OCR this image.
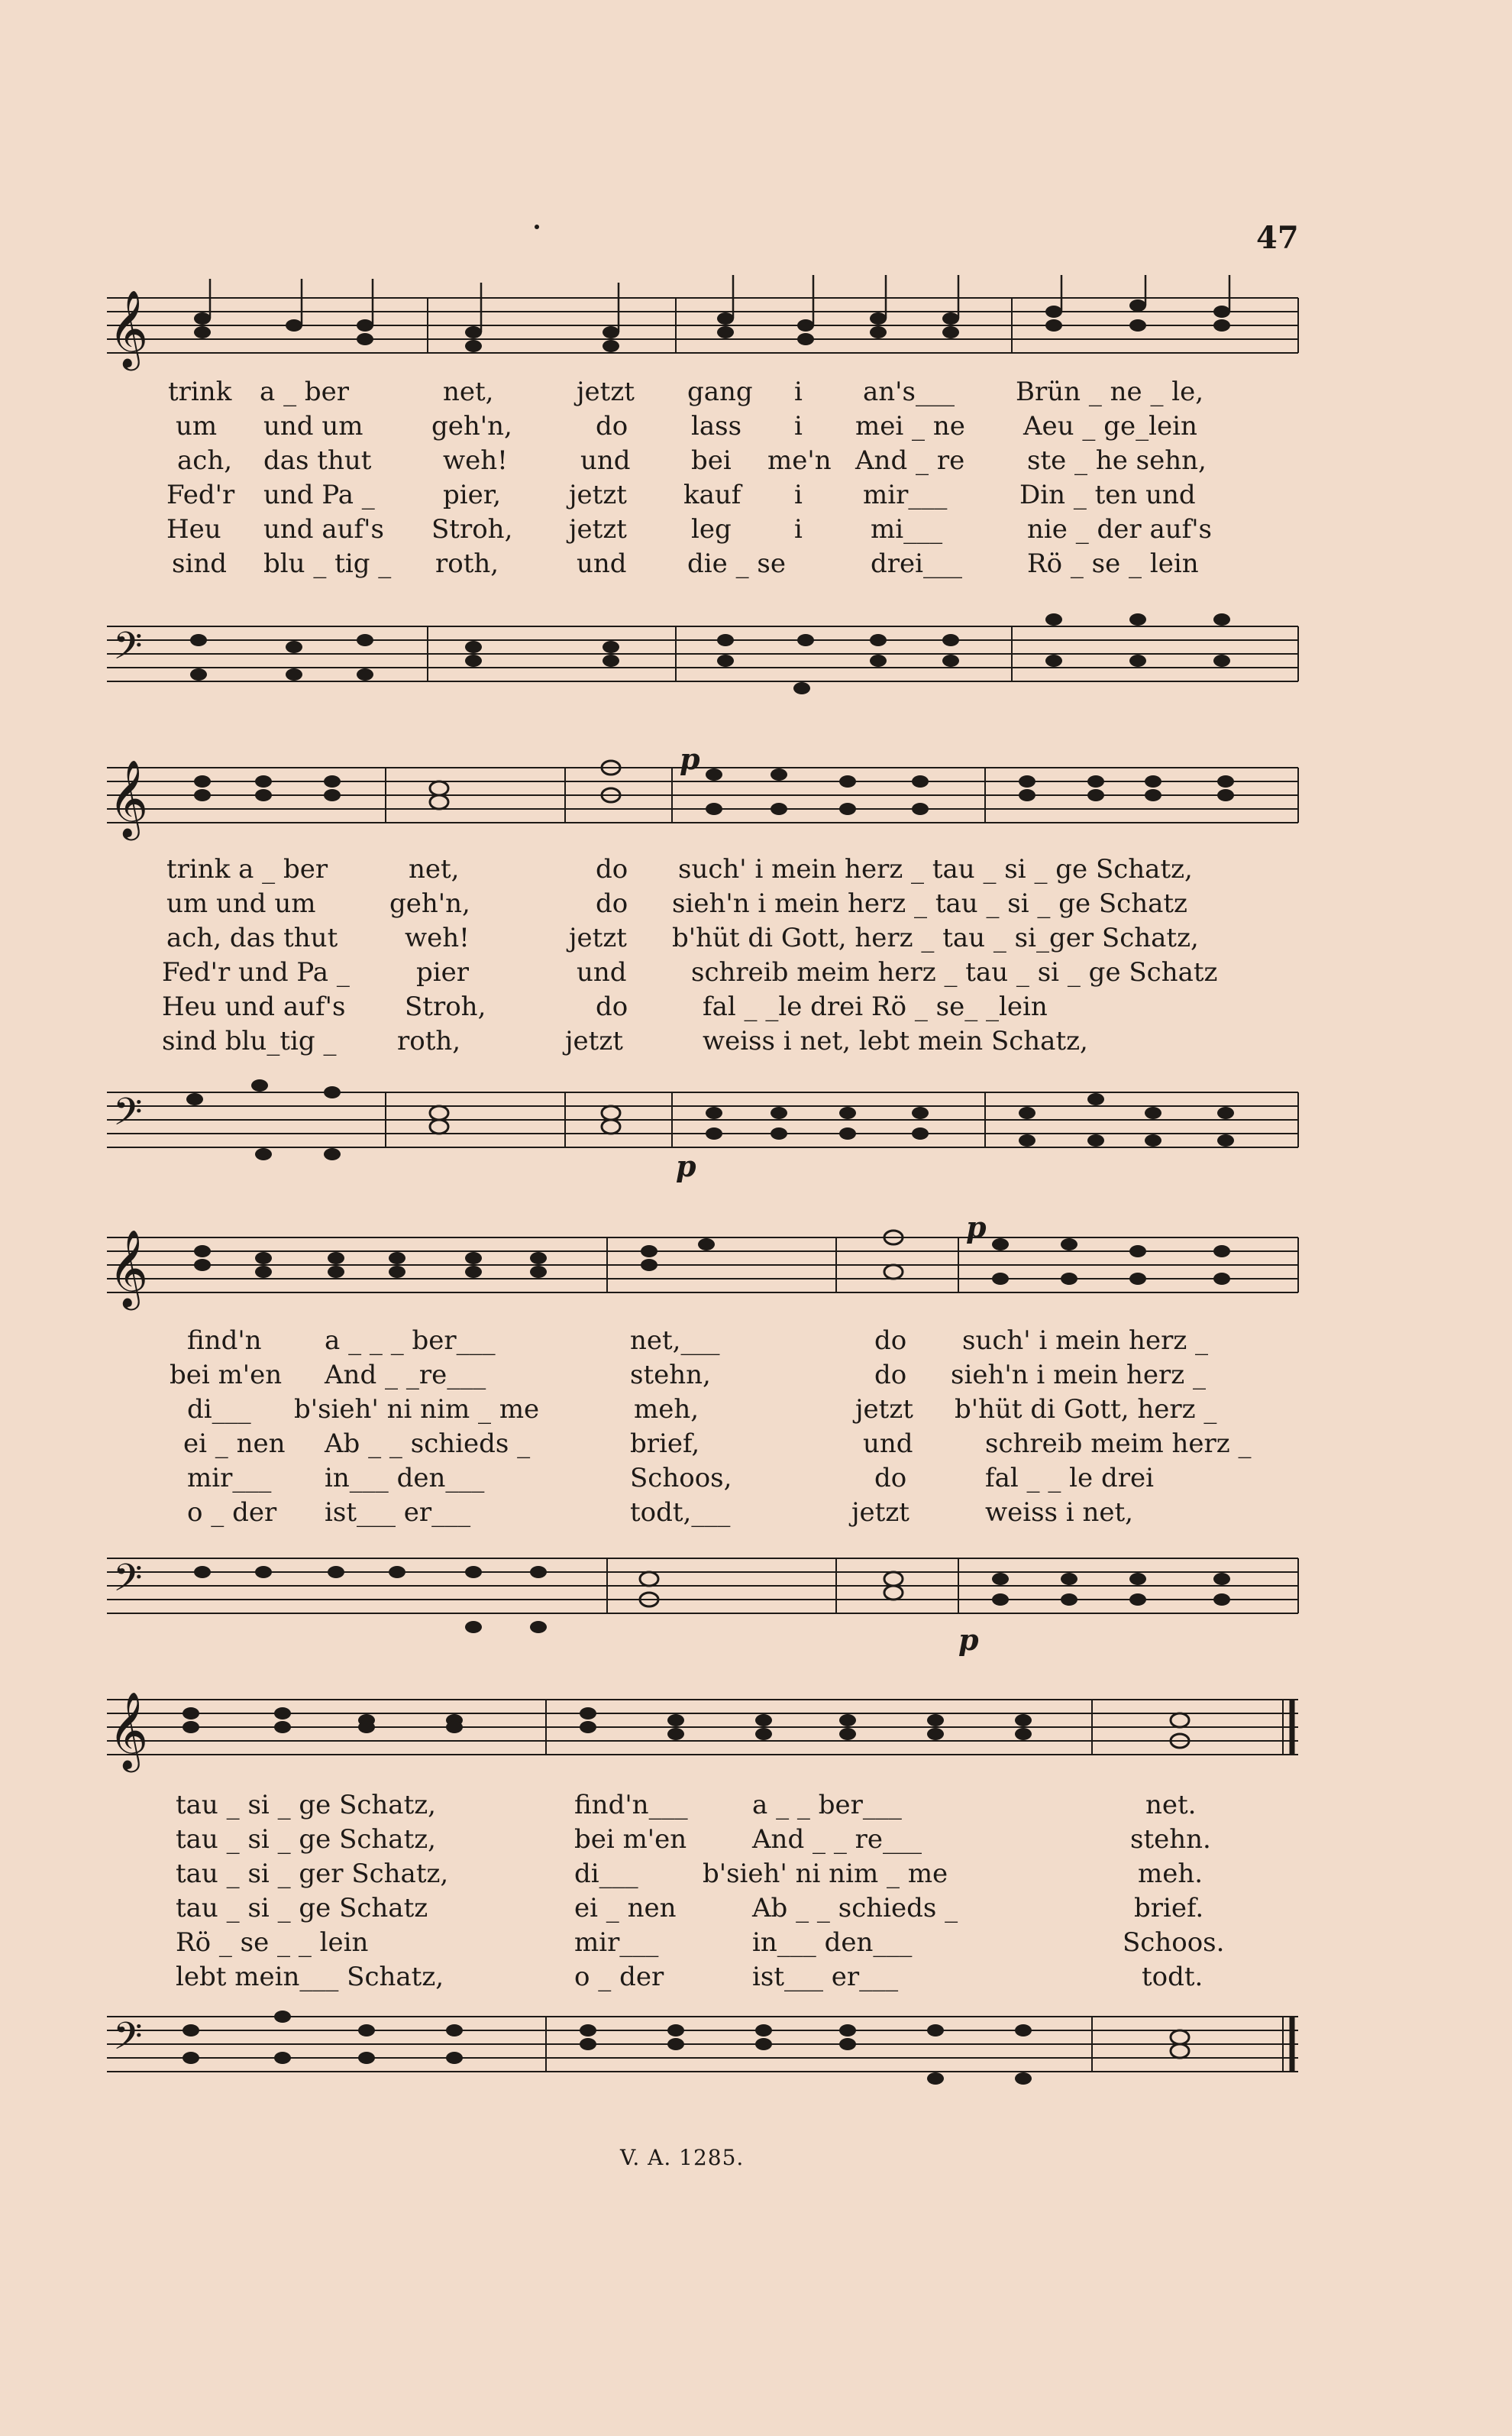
47
𝄞
trink a _ ber	net,	jetzt gang i an's___ Brün _ ne _ le,
um und um	geh'n,	do lass i mei _ ne Aeu _ ge_lein
ach, das thut	weh!	und bei me'n And _ re ste _ he sehn,
Fed'r und Pa _	pier,	jetzt kauf i mir___	Din _ ten und
Heu und auf's Stroh, jetzt leg i	mi___	nie _ der auf's
sind blu _ tig _ roth,	und die _ se	drei___ Rö _ se _ lein
𝄢
𝄞	p
trink a _ ber	net,	do such' i mein herz _ tau _ si _ ge Schatz,
um und um	geh'n,	do sieh'n i mein herz _ tau _ si _ ge Schatz
ach, das thut	weh!	jetzt b'hüt di Gott, herz _ tau _ si_ger Schatz,
Fed'r und Pa _	pier	und schreib meim herz _ tau _ si _ ge Schatz
Heu und auf's Stroh,	do	fal _ _le drei Rö _ se_ _lein
sind blu_tig _ roth,	jetzt	weiss i net, lebt mein Schatz,
𝄢
p
𝄞
p
find'n a _ _ _ ber___	net,___	do such' i mein herz _
bei m'en And _ _re___	stehn,	do sieh'n i mein herz _
di___ b'sieh' ni nim _ me	meh,	jetzt b'hüt di Gott, herz _
ei _ nen Ab _ _ schieds _	brief,	und	schreib meim herz _
mir___ in___ den___	Schoos,	do	fal _ _ le drei
o _ der ist___ er___	todt,___	jetzt	weiss i net,
𝄢
p
𝄞
tau _ si _ ge Schatz,	find'n___ a _ _ ber___	net.
tau _ si _ ge Schatz,	bei m'en	And _ _ re___	stehn.
tau _ si _ ger Schatz,	di___ b'sieh' ni nim _ me	meh.
tau _ si _ ge Schatz	ei _ nen	Ab _ _ schieds _	brief.
Rö _ se _ _ lein	mir___	in___ den___	Schoos.
lebt mein___ Schatz,	o _ der	ist___ er___	todt.
𝄢
V. A. 1285.
